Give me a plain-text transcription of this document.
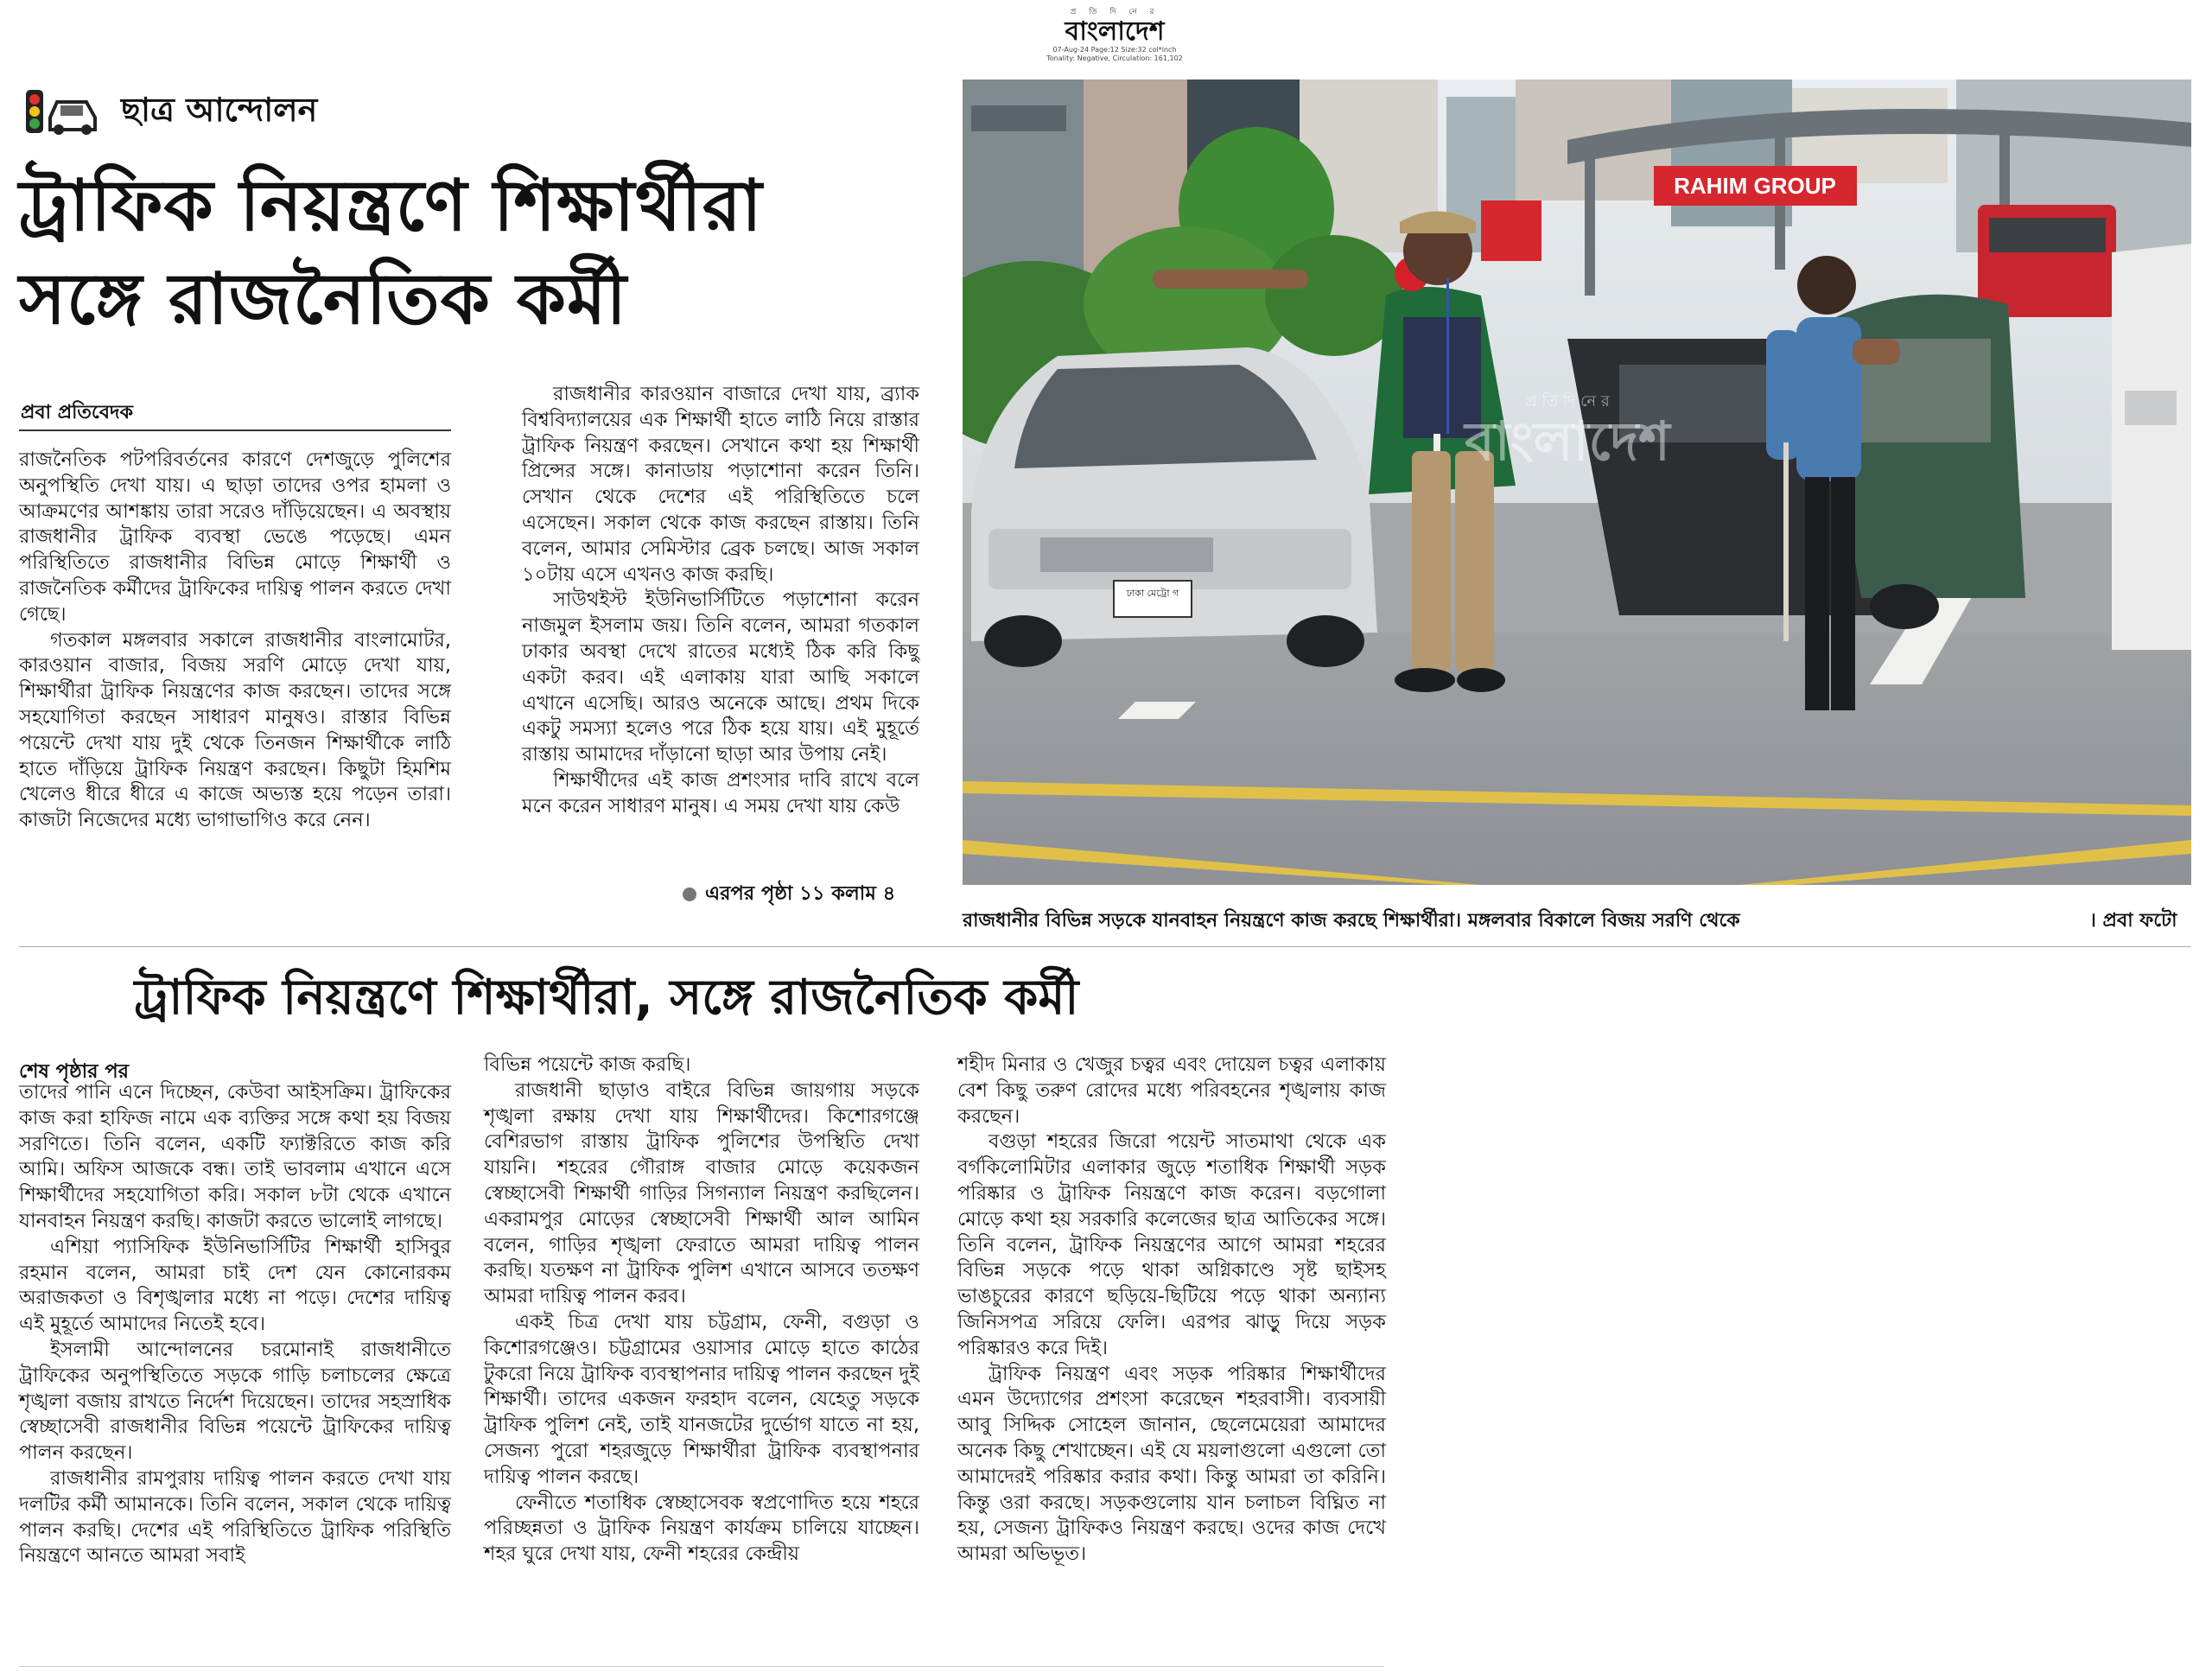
প্র তি দি নে র
বাংলাদেশ
07-Aug-24 Page:12 Size:32 col*inch
Tonality: Negative, Circulation: 161,102
ছাত্র আন্দোলন
ট্রাফিক নিয়ন্ত্রণে শিক্ষার্থীরা
সঙ্গে রাজনৈতিক কর্মী
প্রবা প্রতিবেদক

রাজনৈতিক পটপরিবর্তনের কারণে দেশজুড়ে পুলিশের অনুপস্থিতি দেখা যায়। এ ছাড়া তাদের ওপর হামলা ও আক্রমণের আশঙ্কায় তারা সরেও দাঁড়িয়েছেন। এ অবস্থায় রাজধানীর ট্রাফিক ব্যবস্থা ভেঙে পড়েছে। এমন পরিস্থিতিতে রাজধানীর বিভিন্ন মোড়ে শিক্ষার্থী ও রাজনৈতিক কর্মীদের ট্রাফিকের দায়িত্ব পালন করতে দেখা গেছে।

গতকাল মঙ্গলবার সকালে রাজধানীর বাংলামোটর, কারওয়ান বাজার, বিজয় সরণি মোড়ে দেখা যায়, শিক্ষার্থীরা ট্রাফিক নিয়ন্ত্রণের কাজ করছেন। তাদের সঙ্গে সহযোগিতা করছেন সাধারণ মানুষও। রাস্তার বিভিন্ন পয়েন্টে দেখা যায় দুই থেকে তিনজন শিক্ষার্থীকে লাঠি হাতে দাঁড়িয়ে ট্রাফিক নিয়ন্ত্রণ করছেন। কিছুটা হিমশিম খেলেও ধীরে ধীরে এ কাজে অভ্যস্ত হয়ে পড়েন তারা। কাজটা নিজেদের মধ্যে ভাগাভাগিও করে নেন।

রাজধানীর কারওয়ান বাজারে দেখা যায়, ব্র্যাক বিশ্ববিদ্যালয়ের এক শিক্ষার্থী হাতে লাঠি নিয়ে রাস্তার ট্রাফিক নিয়ন্ত্রণ করছেন। সেখানে কথা হয় শিক্ষার্থী প্রিন্সের সঙ্গে। কানাডায় পড়াশোনা করেন তিনি। সেখান থেকে দেশের এই পরিস্থিতিতে চলে এসেছেন। সকাল থেকে কাজ করছেন রাস্তায়। তিনি বলেন, আমার সেমিস্টার ব্রেক চলছে। আজ সকাল ১০টায় এসে এখনও কাজ করছি।

সাউথইস্ট ইউনিভার্সিটিতে পড়াশোনা করেন নাজমুল ইসলাম জয়। তিনি বলেন, আমরা গতকাল ঢাকার অবস্থা দেখে রাতের মধ্যেই ঠিক করি কিছু একটা করব। এই এলাকায় যারা আছি সকালে এখানে এসেছি। আরও অনেকে আছে। প্রথম দিকে একটু সমস্যা হলেও পরে ঠিক হয়ে যায়। এই মুহূর্তে রাস্তায় আমাদের দাঁড়ানো ছাড়া আর উপায় নেই।

শিক্ষার্থীদের এই কাজ প্রশংসার দাবি রাখে বলে মনে করেন সাধারণ মানুষ। এ সময় দেখা যায় কেউ

এরপর পৃষ্ঠা ১১ কলাম ৪
RAHIM GROUP
ঢাকা মেট্রো গ
প্র তি দি নে র
বাংলাদেশ
রাজধানীর বিভিন্ন সড়কে যানবাহন নিয়ন্ত্রণে কাজ করছে শিক্ষার্থীরা। মঙ্গলবার বিকালে বিজয় সরণি থেকে	। প্রবা ফটো
ট্রাফিক নিয়ন্ত্রণে শিক্ষার্থীরা, সঙ্গে রাজনৈতিক কর্মী
শেষ পৃষ্ঠার পর

তাদের পানি এনে দিচ্ছেন, কেউবা আইসক্রিম। ট্রাফিকের কাজ করা হাফিজ নামে এক ব্যক্তির সঙ্গে কথা হয় বিজয় সরণিতে। তিনি বলেন, একটি ফ্যাক্টরিতে কাজ করি আমি। অফিস আজকে বন্ধ। তাই ভাবলাম এখানে এসে শিক্ষার্থীদের সহযোগিতা করি। সকাল ৮টা থেকে এখানে যানবাহন নিয়ন্ত্রণ করছি। কাজটা করতে ভালোই লাগছে।

এশিয়া প্যাসিফিক ইউনিভার্সিটির শিক্ষার্থী হাসিবুর রহমান বলেন, আমরা চাই দেশ যেন কোনোরকম অরাজকতা ও বিশৃঙ্খলার মধ্যে না পড়ে। দেশের দায়িত্ব এই মুহূর্তে আমাদের নিতেই হবে।

ইসলামী আন্দোলনের চরমোনাই রাজধানীতে ট্রাফিকের অনুপস্থিতিতে সড়কে গাড়ি চলাচলের ক্ষেত্রে শৃঙ্খলা বজায় রাখতে নির্দেশ দিয়েছেন। তাদের সহস্রাধিক স্বেচ্ছাসেবী রাজধানীর বিভিন্ন পয়েন্টে ট্রাফিকের দায়িত্ব পালন করছেন।

রাজধানীর রামপুরায় দায়িত্ব পালন করতে দেখা যায় দলটির কর্মী আমানকে। তিনি বলেন, সকাল থেকে দায়িত্ব পালন করছি। দেশের এই পরিস্থিতিতে ট্রাফিক পরিস্থিতি নিয়ন্ত্রণে আনতে আমরা সবাই

বিভিন্ন পয়েন্টে কাজ করছি।

রাজধানী ছাড়াও বাইরে বিভিন্ন জায়গায় সড়কে শৃঙ্খলা রক্ষায় দেখা যায় শিক্ষার্থীদের। কিশোরগঞ্জে বেশিরভাগ রাস্তায় ট্রাফিক পুলিশের উপস্থিতি দেখা যায়নি। শহরের গৌরাঙ্গ বাজার মোড়ে কয়েকজন স্বেচ্ছাসেবী শিক্ষার্থী গাড়ির সিগন্যাল নিয়ন্ত্রণ করছিলেন। একরামপুর মোড়ের স্বেচ্ছাসেবী শিক্ষার্থী আল আমিন বলেন, গাড়ির শৃঙ্খলা ফেরাতে আমরা দায়িত্ব পালন করছি। যতক্ষণ না ট্রাফিক পুলিশ এখানে আসবে ততক্ষণ আমরা দায়িত্ব পালন করব।

একই চিত্র দেখা যায় চট্টগ্রাম, ফেনী, বগুড়া ও কিশোরগঞ্জেও। চট্টগ্রামের ওয়াসার মোড়ে হাতে কাঠের টুকরো নিয়ে ট্রাফিক ব্যবস্থাপনার দায়িত্ব পালন করছেন দুই শিক্ষার্থী। তাদের একজন ফরহাদ বলেন, যেহেতু সড়কে ট্রাফিক পুলিশ নেই, তাই যানজটের দুর্ভোগ যাতে না হয়, সেজন্য পুরো শহরজুড়ে শিক্ষার্থীরা ট্রাফিক ব্যবস্থাপনার দায়িত্ব পালন করছে।

ফেনীতে শতাধিক স্বেচ্ছাসেবক স্বপ্রণোদিত হয়ে শহরে পরিচ্ছন্নতা ও ট্রাফিক নিয়ন্ত্রণ কার্যক্রম চালিয়ে যাচ্ছেন। শহর ঘুরে দেখা যায়, ফেনী শহরের কেন্দ্রীয়

শহীদ মিনার ও খেজুর চত্বর এবং দোয়েল চত্বর এলাকায় বেশ কিছু তরুণ রোদের মধ্যে পরিবহনের শৃঙ্খলায় কাজ করছেন।

বগুড়া শহরের জিরো পয়েন্ট সাতমাথা থেকে এক বর্গকিলোমিটার এলাকার জুড়ে শতাধিক শিক্ষার্থী সড়ক পরিষ্কার ও ট্রাফিক নিয়ন্ত্রণে কাজ করেন। বড়গোলা মোড়ে কথা হয় সরকারি কলেজের ছাত্র আতিকের সঙ্গে। তিনি বলেন, ট্রাফিক নিয়ন্ত্রণের আগে আমরা শহরের বিভিন্ন সড়কে পড়ে থাকা অগ্নিকাণ্ডে সৃষ্ট ছাইসহ ভাঙচুরের কারণে ছড়িয়ে-ছিটিয়ে পড়ে থাকা অন্যান্য জিনিসপত্র সরিয়ে ফেলি। এরপর ঝাড়ু দিয়ে সড়ক পরিষ্কারও করে দিই।

ট্রাফিক নিয়ন্ত্রণ এবং সড়ক পরিষ্কার শিক্ষার্থীদের এমন উদ্যোগের প্রশংসা করেছেন শহরবাসী। ব্যবসায়ী আবু সিদ্দিক সোহেল জানান, ছেলেমেয়েরা আমাদের অনেক কিছু শেখাচ্ছেন। এই যে ময়লাগুলো এগুলো তো আমাদেরই পরিষ্কার করার কথা। কিন্তু আমরা তা করিনি। কিন্তু ওরা করছে। সড়কগুলোয় যান চলাচল বিঘ্নিত না হয়, সেজন্য ট্রাফিকও নিয়ন্ত্রণ করছে। ওদের কাজ দেখে আমরা অভিভূত।
